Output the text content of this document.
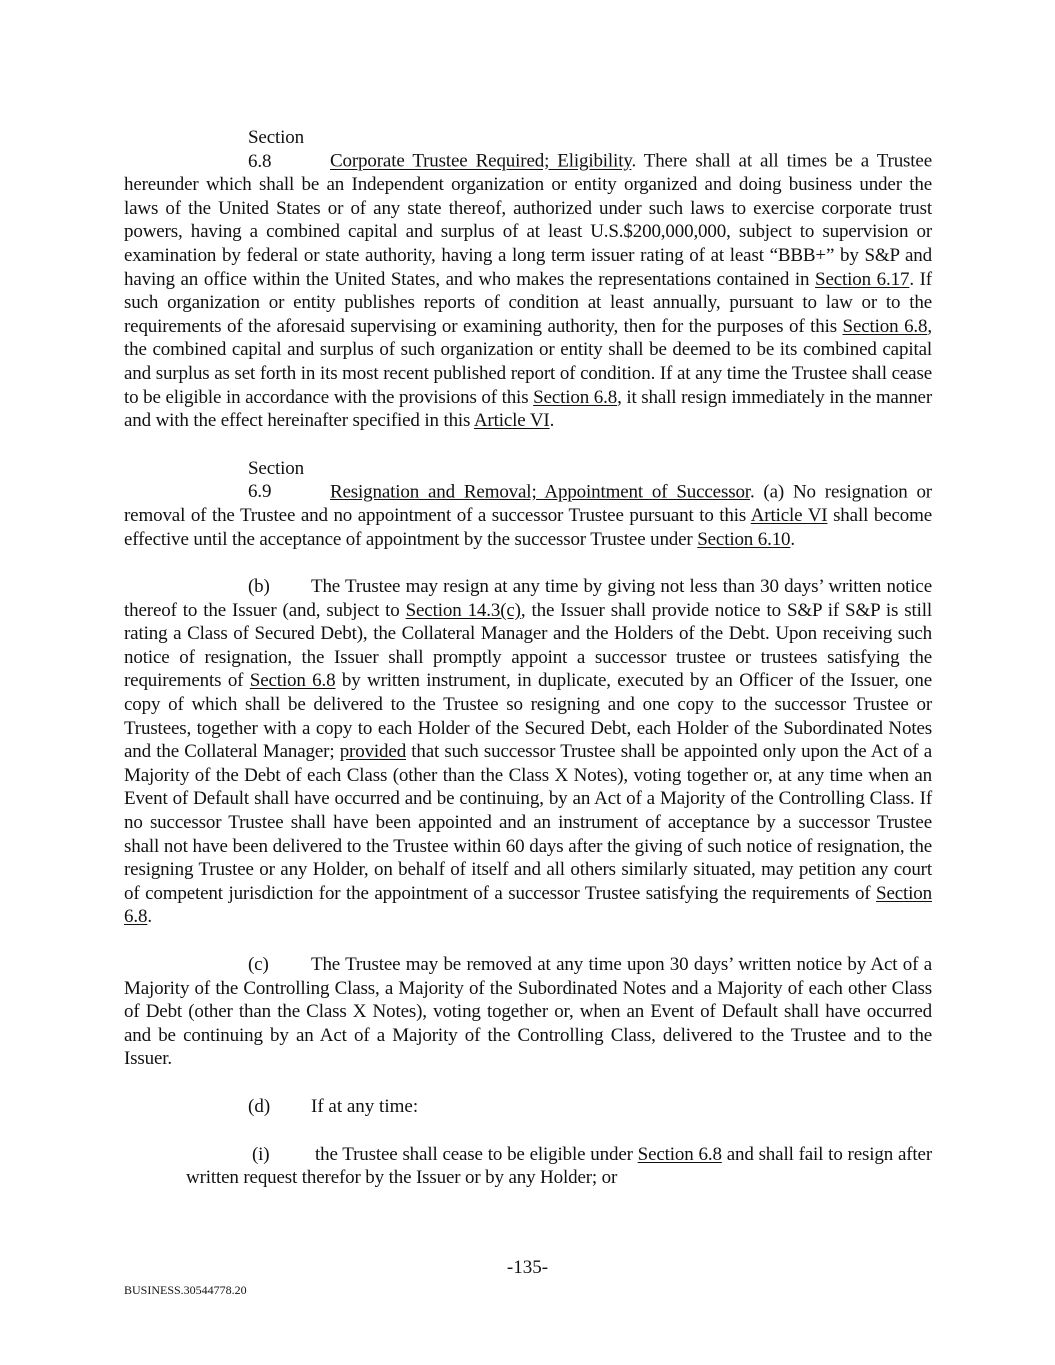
Section 6.8	Corporate Trustee Required; Eligibility. There shall at all times be a Trustee hereunder which shall be an Independent organization or entity organized and doing business under the laws of the United States or of any state thereof, authorized under such laws to exercise corporate trust powers, having a combined capital and surplus of at least U.S.$200,000,000, subject to supervision or examination by federal or state authority, having a long term issuer rating of at least “BBB+” by S&P and having an office within the United States, and who makes the representations contained in Section 6.17. If such organization or entity publishes reports of condition at least annually, pursuant to law or to the requirements of the aforesaid supervising or examining authority, then for the purposes of this Section 6.8, the combined capital and surplus of such organization or entity shall be deemed to be its combined capital and surplus as set forth in its most recent published report of condition. If at any time the Trustee shall cease to be eligible in accordance with the provisions of this Section 6.8, it shall resign immediately in the manner and with the effect hereinafter specified in this Article VI.

Section 6.9	Resignation and Removal; Appointment of Successor. (a) No resignation or removal of the Trustee and no appointment of a successor Trustee pursuant to this Article VI shall become effective until the acceptance of appointment by the successor Trustee under Section 6.10.

(b) The Trustee may resign at any time by giving not less than 30 days’ written notice thereof to the Issuer (and, subject to Section 14.3(c), the Issuer shall provide notice to S&P if S&P is still rating a Class of Secured Debt), the Collateral Manager and the Holders of the Debt. Upon receiving such notice of resignation, the Issuer shall promptly appoint a successor trustee or trustees satisfying the requirements of Section 6.8 by written instrument, in duplicate, executed by an Officer of the Issuer, one copy of which shall be delivered to the Trustee so resigning and one copy to the successor Trustee or Trustees, together with a copy to each Holder of the Secured Debt, each Holder of the Subordinated Notes and the Collateral Manager; provided that such successor Trustee shall be appointed only upon the Act of a Majority of the Debt of each Class (other than the Class X Notes), voting together or, at any time when an Event of Default shall have occurred and be continuing, by an Act of a Majority of the Controlling Class. If no successor Trustee shall have been appointed and an instrument of acceptance by a successor Trustee shall not have been delivered to the Trustee within 60 days after the giving of such notice of resignation, the resigning Trustee or any Holder, on behalf of itself and all others similarly situated, may petition any court of competent jurisdiction for the appointment of a successor Trustee satisfying the requirements of Section 6.8.

(c) The Trustee may be removed at any time upon 30 days’ written notice by Act of a Majority of the Controlling Class, a Majority of the Subordinated Notes and a Majority of each other Class of Debt (other than the Class X Notes), voting together or, when an Event of Default shall have occurred and be continuing by an Act of a Majority of the Controlling Class, delivered to the Trustee and to the Issuer.

(d) If at any time:

(i) the Trustee shall cease to be eligible under Section 6.8 and shall fail to resign after written request therefor by the Issuer or by any Holder; or

-135-
BUSINESS.30544778.20
